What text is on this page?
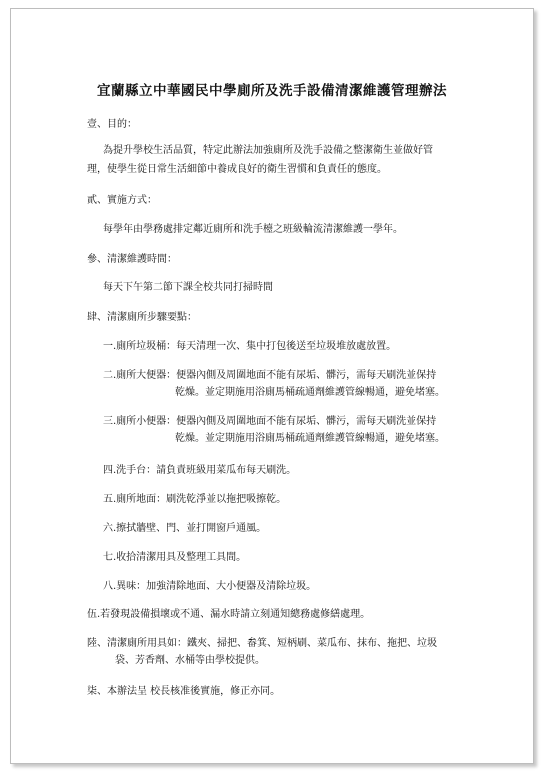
宜蘭縣立中華國民中學廁所及洗手設備清潔維護管理辦法
壹、目的：
為提升學校生活品質，特定此辦法加強廁所及洗手設備之整潔衛生並做好管
理，使學生從日常生活細節中養成良好的衛生習慣和負責任的態度。
貳、實施方式：
每學年由學務處排定鄰近廁所和洗手檯之班級輪流清潔維護一學年。
參、清潔維護時間：
每天下午第二節下課全校共同打掃時間
肆、清潔廁所步驟要點：
一.廁所垃圾桶：每天清理一次、集中打包後送至垃圾堆放處放置。
二.廁所大便器：便器內側及周圍地面不能有尿垢、髒污，需每天刷洗並保持
乾燥。並定期施用浴廁馬桶疏通劑維護管線暢通，避免堵塞。
三.廁所小便器：便器內側及周圍地面不能有尿垢、髒污，需每天刷洗並保持
乾燥。並定期施用浴廁馬桶疏通劑維護管線暢通，避免堵塞。
四.洗手台：請負責班級用菜瓜布每天刷洗。
五.廁所地面：刷洗乾淨並以拖把吸擦乾。
六.擦拭牆壁、門、並打開窗戶通風。
七.收拾清潔用具及整理工具間。
八.異味：加強清除地面、大小便器及清除垃圾。
伍.若發現設備損壞或不通、漏水時請立刻通知總務處修繕處理。
陸、清潔廁所用具如：鐵夾、掃把、畚箕、短柄刷、菜瓜布、抹布、拖把、垃圾
袋、芳香劑、水桶等由學校提供。
柒、本辦法呈 校長核准後實施，修正亦同。
